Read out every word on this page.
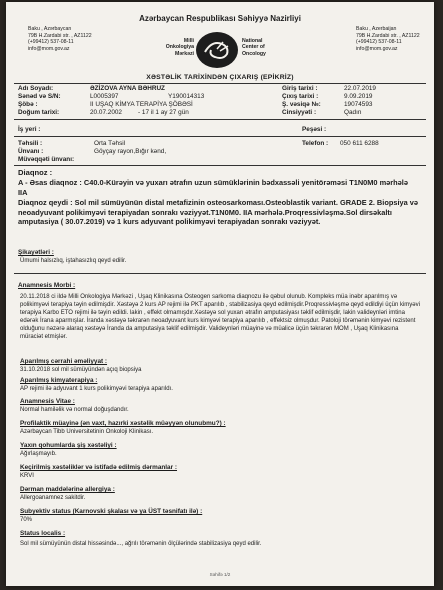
Azərbaycan Respublikası Səhiyyə Nazirliyi
Baku , Azərbaycan
79B H.Zardabi str. , AZ1122
(+99412) 537-08-11
info@mom.gov.az
Milli
Onkologiya
Mərkəzi
National
Center of
Oncology
Baku , Azerbaijan
79B H.Zardabi str. , AZ1122
(+99412) 537-08-11
info@mom.gov.az
XƏSTƏLİK TARİXİNDƏN ÇIXARIŞ (EPİKRİZ)
Adı Soyadı:	ƏZİZOVA AYNA BƏHRUZ	Giriş tarixi :	22.07.2019
Sənəd və S/N:	L0005397	Y190014313	Çıxış tarixi :	9.09.2019
Şöbə :	II UŞAQ KİMYA TERAPİYA ŞÖBƏSİ	Ş. vəsiqə №:	19074593
Doğum tarixi:	20.07.2002	- 17 il 1 ay 27 gün	Cinsiyyəti :	Qadın
İş yeri :	Peşəsi :
Təhsili :	Orta Təhsil	Telefon : 050 611 6288
Ünvanı :	Göyçay rayon,Bığır kənd,
Müvəqqəti ünvanı:
Diaqnoz :
A - Əsas diaqnoz : C40.0-Kürəyin və yuxarı ətrafın uzun sümüklərinin bədxassəli yenitörəməsi T1N0M0 mərhələ IIA
Diaqnoz qeydi : Sol mil sümüyünün distal metafizinin osteosarkoması.Osteoblastik variant. GRADE 2. Biopsiya və neoadyuvant polikimyəvi terapiyadan sonrakı vəziyyət.T1N0M0. IIA mərhələ.Proqressivləşmə.Sol dirsəkaltı amputasiya ( 30.07.2019) və 1 kurs adyuvant polikimyəvi terapiyadan sonrakı vəziyyət.
Şikayətləri :
Ümumi halsızlıq, iştahasızlıq qeyd edilir.
Anamnesis Morbi :
20.11.2018 ci ildə Milli Onkologiya Mərkəzi , Uşaq Klinikasına Osteogen sarkoma diaqnozu ilə qəbul olunub. Kompleks müa inəbr aparılmış və polikimyəvi terapiya təyin edilmişdir. Xəstəyə 2 kurs AP rejimi ilə PKT aparılıb , stabilizasiya qeyd edilmişdir.Proqressivləşmə qeyd edildiyi üçün kimyəvi terapiya Karbo ETO rejimi ilə təyin edildi. lakin , effekt olmamışdır.Xəstəyə sol yuxarı ətrafın amputasiyası təklif edilmişdir, lakin valideynləri imtina edərək İrana aparmışlar. İranda xəstəyə təkrarən neoadyuvant kurs kimyəvi terapiya aparılıb , effektsiz olmuşdur. Patoloji törəmənin kimyəvi rezistent olduğunu nəzərə alaraq xəstəyə İranda da amputasiya təklif edilmişdir. Valideynləri müayinə və müalicə üçün təkrarən MOM , Uşaq Klinikasına müraciət etmişlər.
Aparılmış cərrahi əməliyyat :
31.10.2018 sol mil sümüyündən açıq biopsiya
Aparılmış kimyaterapiya :
AP rejimi ilə adyuvant 1 kurs polikimyəvi terapiya aparıldı.
Anamnesis Vitae :
Normal hamiləlik və normal doğuşdandır.
Profilaktik müayinə (ən vaxt, hazırki xəstəlik müəyyən olunubmu?) :
Azərbaycan Tibb Universitetinin Onkoloji Klinikası.
Yaxın qohumlarda şiş xəstəliyi :
Ağırlaşmayıb.
Keçirilmiş xəstəliklər və istifadə edilmiş dərmanlar :
KRVI
Dərman maddələrinə allergiya :
Allergoanamnez sakitdir.
Subyektiv status (Karnovski şkalası və ya ÜST təsnifatı ilə) :
70%
Status localis :
Sol mil sümüyünün distal hissəsində..., ağrılı törəmənin ölçülərində stabilizasiya qeyd edilir.
Səhifə 1/2
